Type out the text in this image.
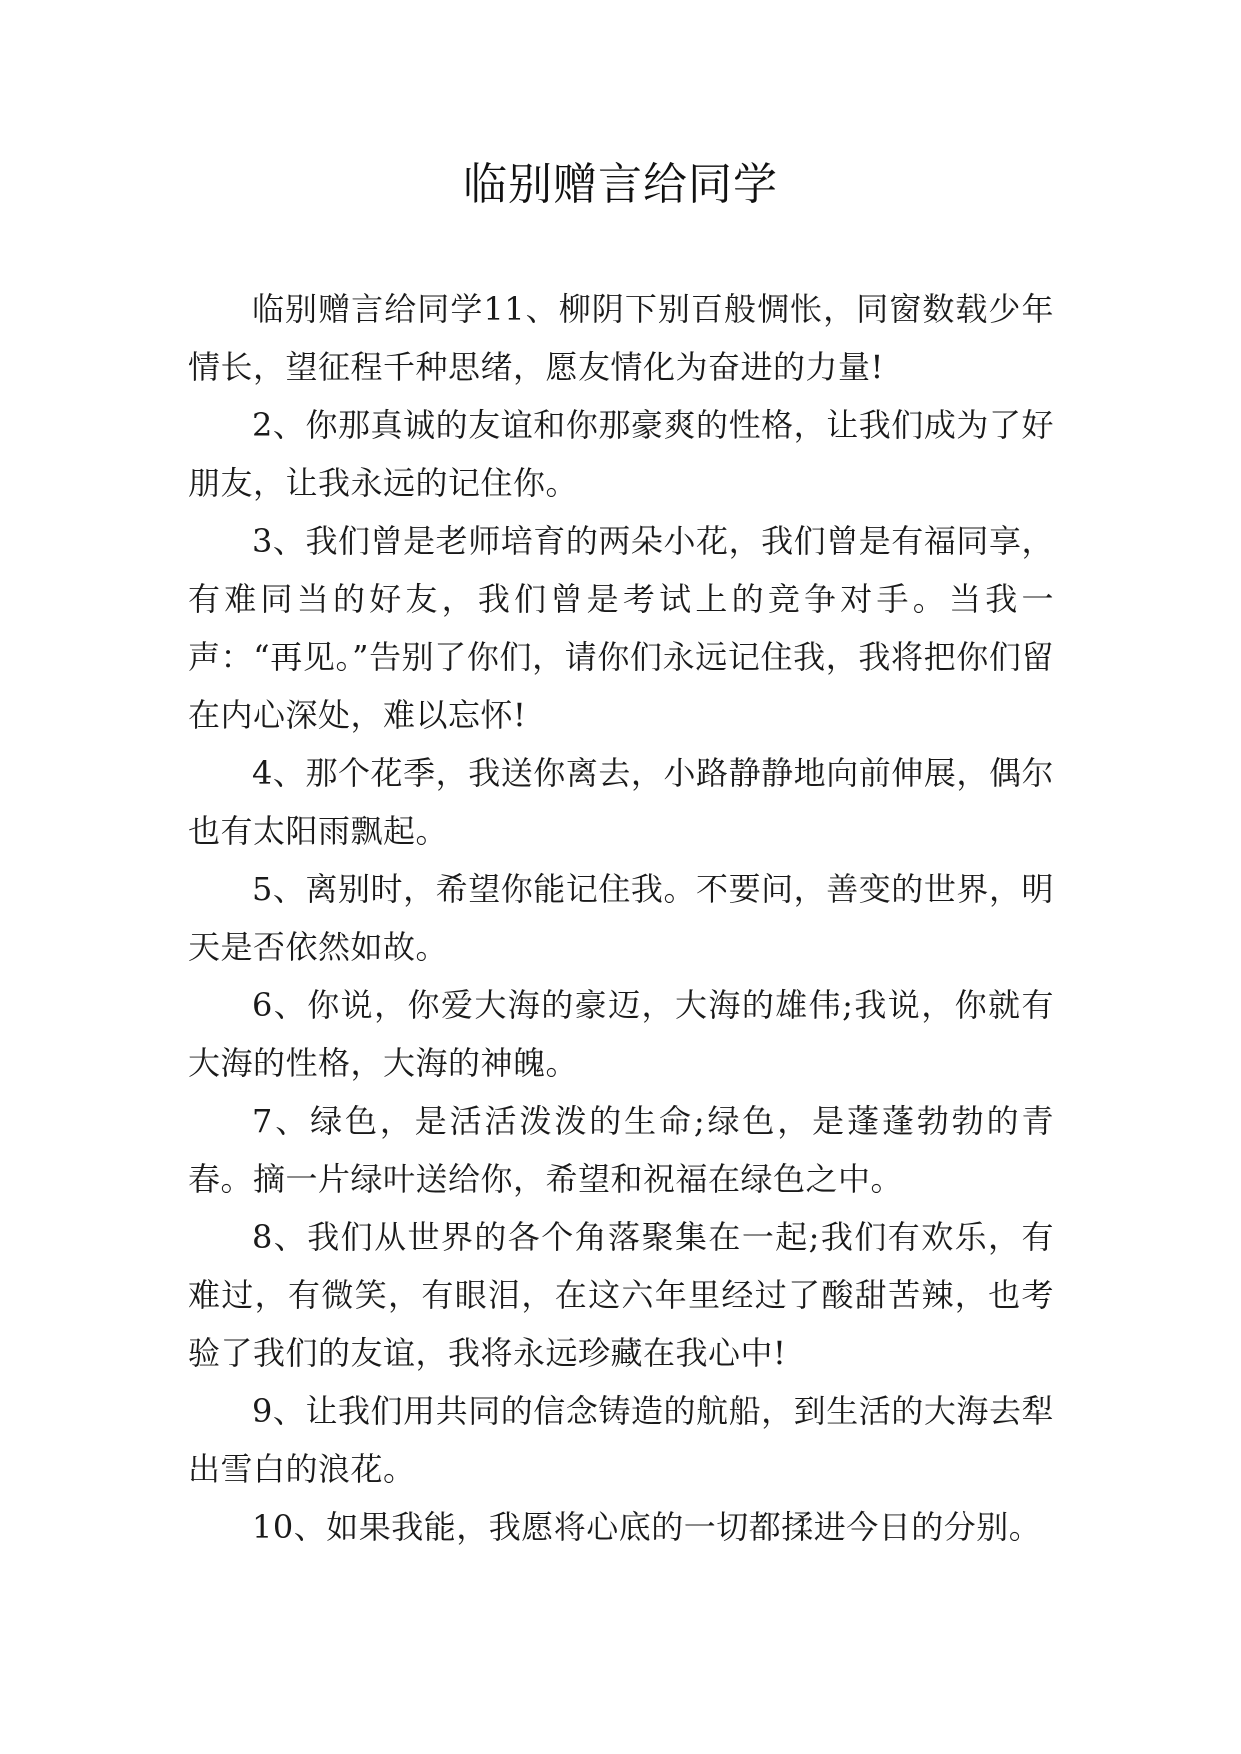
临别赠言给同学

临别赠言给同学11、柳阴下别百般惆怅，同窗数载少年情长，望征程千种思绪，愿友情化为奋进的力量!

2、你那真诚的友谊和你那豪爽的性格，让我们成为了好朋友，让我永远的记住你。

3、我们曾是老师培育的两朵小花，我们曾是有福同享，有难同当的好友，我们曾是考试上的竞争对手。当我一声：“再见。”告别了你们，请你们永远记住我，我将把你们留在内心深处，难以忘怀!

4、那个花季，我送你离去，小路静静地向前伸展，偶尔也有太阳雨飘起。

5、离别时，希望你能记住我。不要问，善变的世界，明天是否依然如故。

6、你说，你爱大海的豪迈，大海的雄伟;我说，你就有大海的性格，大海的神魄。

7、绿色，是活活泼泼的生命;绿色，是蓬蓬勃勃的青春。摘一片绿叶送给你，希望和祝福在绿色之中。

8、我们从世界的各个角落聚集在一起;我们有欢乐，有难过，有微笑，有眼泪，在这六年里经过了酸甜苦辣，也考验了我们的友谊，我将永远珍藏在我心中!

9、让我们用共同的信念铸造的航船，到生活的大海去犁出雪白的浪花。

10、如果我能，我愿将心底的一切都揉进今日的分别。
